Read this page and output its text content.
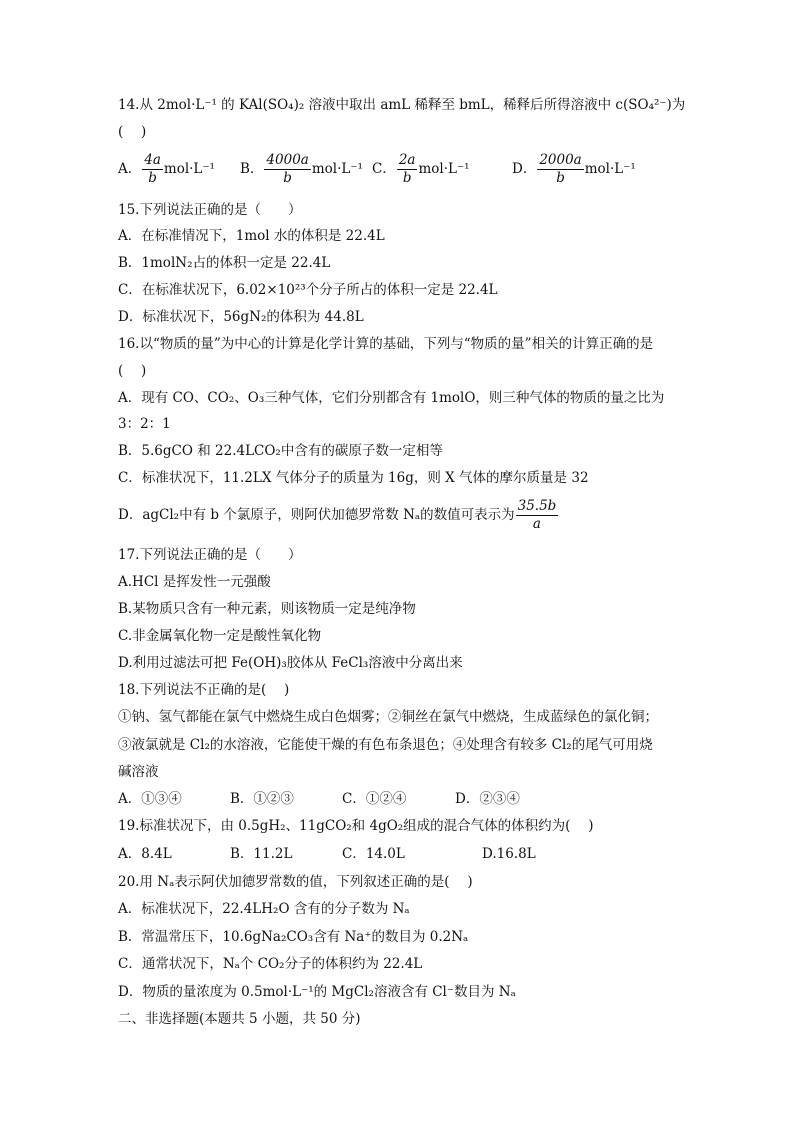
14.从 2mol·L⁻¹ 的 KAl(SO₄)₂ 溶液中取出 amL 稀释至 bmL，稀释后所得溶液中 c(SO₄²⁻)为
(　 )
A． $\frac{4a}{b} mol\cdot L^{-1}$ B． $\frac{4000a}{b} mol\cdot L^{-1}$ C． $\frac{2a}{b} mol\cdot L^{-1}$	D． $\frac{2000a}{b} mol\cdot L^{-1}$
15.下列说法正确的是（　　）
A．在标准情况下，1mol 水的体积是 22.4L
B．1molN₂占的体积一定是 22.4L
C．在标准状况下，6.02×10²³个分子所占的体积一定是 22.4L
D．标准状况下，56gN₂的体积为 44.8L
16.以“物质的量”为中心的计算是化学计算的基础，下列与“物质的量”相关的计算正确的是
(　 )
A．现有 CO、CO₂、O₃三种气体，它们分别都含有 1molO，则三种气体的物质的量之比为
3：2：1
B．5.6gCO 和 22.4LCO₂中含有的碳原子数一定相等
C．标准状况下，11.2LX 气体分子的质量为 16g，则 X 气体的摩尔质量是 32
D．agCl₂中有 b 个氯原子，则阿伏加德罗常数 Nₐ的数值可表示为 $\frac{35.5b}{a}$
17.下列说法正确的是（　　）
A.HCl 是挥发性一元强酸
B.某物质只含有一种元素，则该物质一定是纯净物
C.非金属氧化物一定是酸性氧化物
D.利用过滤法可把 Fe(OH)₃胶体从 FeCl₃溶液中分离出来
18.下列说法不正确的是(　 )
①钠、氢气都能在氯气中燃烧生成白色烟雾；②铜丝在氯气中燃烧，生成蓝绿色的氯化铜；
③液氯就是 Cl₂的水溶液，它能使干燥的有色布条退色；④处理含有较多 Cl₂的尾气可用烧
碱溶液
A．①③④	B．①②③	C．①②④	D．②③④
19.标准状况下，由 0.5gH₂、11gCO₂和 4gO₂组成的混合气体的体积约为(　 )
A．8.4L	B．11.2L	C．14.0L	D.16.8L
20.用 Nₐ表示阿伏加德罗常数的值，下列叙述正确的是(　 )
A．标准状况下，22.4LH₂O 含有的分子数为 Nₐ
B．常温常压下，10.6gNa₂CO₃含有 Na⁺的数目为 0.2Nₐ
C．通常状况下，Nₐ个 CO₂分子的体积约为 22.4L
D．物质的量浓度为 0.5mol·L⁻¹的 MgCl₂溶液含有 Cl⁻数目为 Nₐ
二、非选择题(本题共 5 小题，共 50 分)
